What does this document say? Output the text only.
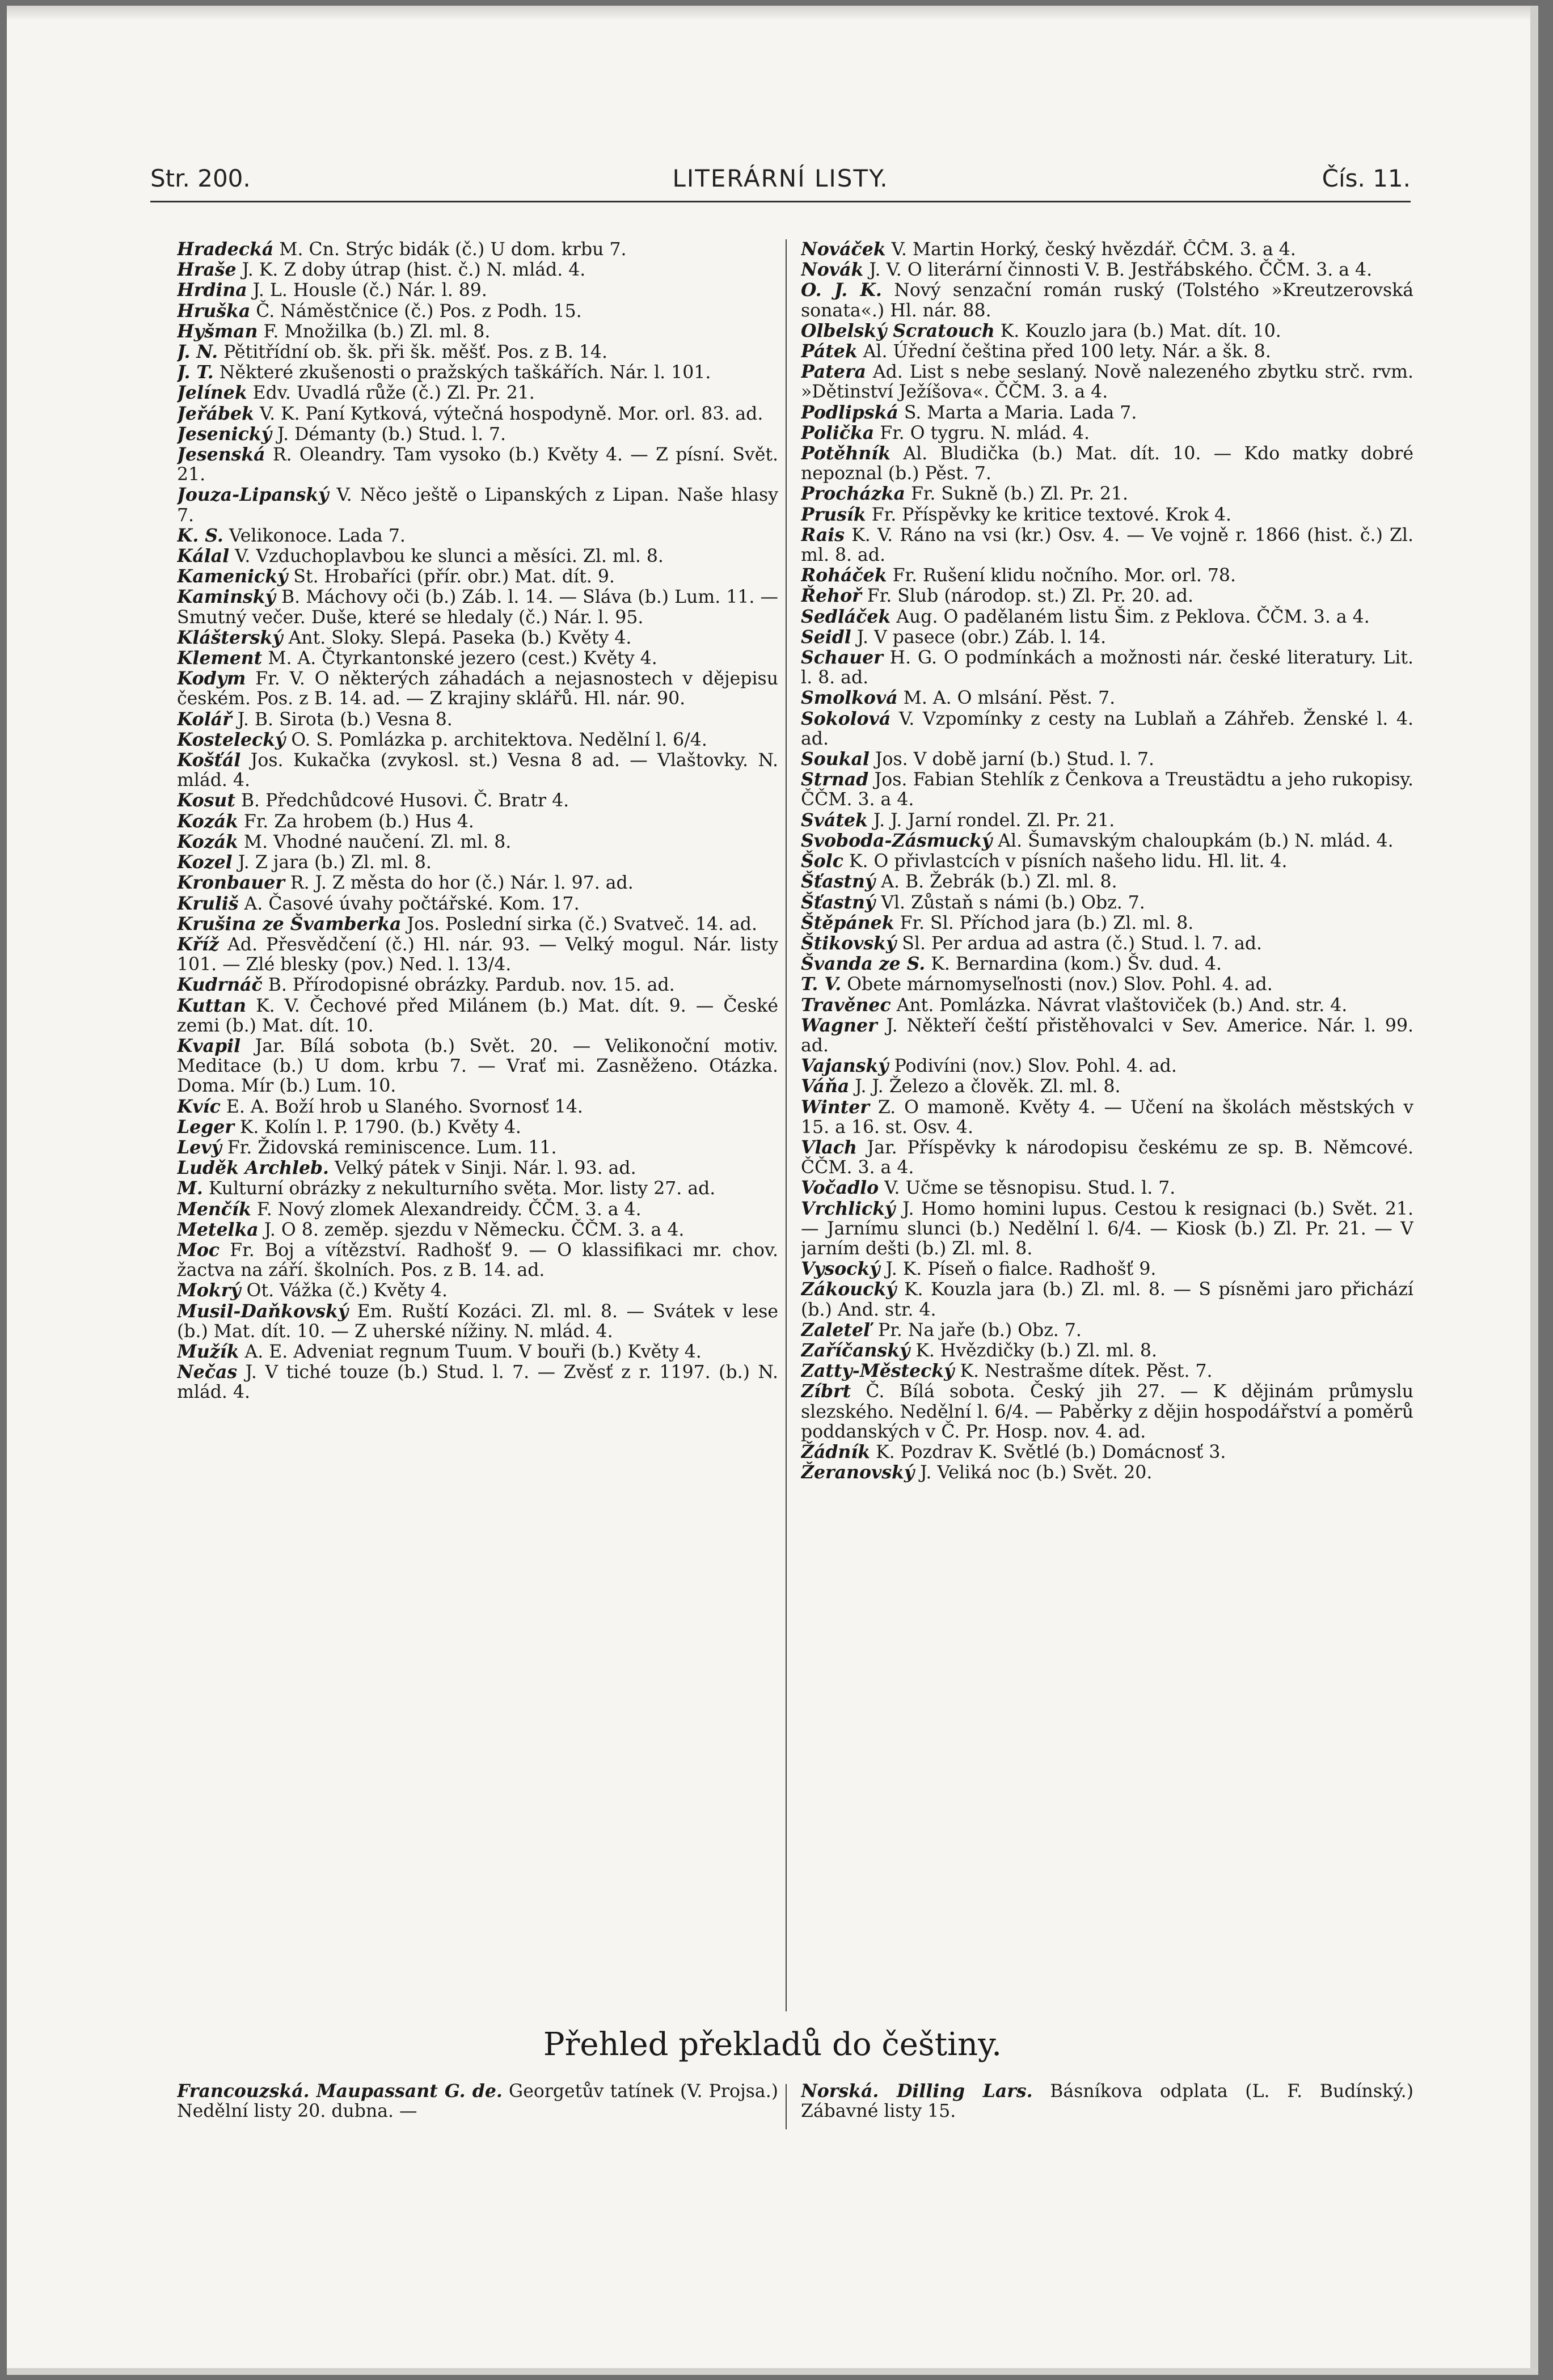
Str. 200.	LITERÁRNÍ LISTY.	Čís. 11.

Hradecká M. Cn. Strýc bidák (č.) U dom. krbu 7.

Hraše J. K. Z doby útrap (hist. č.) N. mlád. 4.

Hrdina J. L. Housle (č.) Nár. l. 89.

Hruška Č. Náměstčnice (č.) Pos. z Podh. 15.

Hyšman F. Množilka (b.) Zl. ml. 8.

J. N. Pětitřídní ob. šk. při šk. měšť. Pos. z B. 14.

J. T. Některé zkušenosti o pražských taškářích. Nár. l. 101.

Jelínek Edv. Uvadlá růže (č.) Zl. Pr. 21.

Jeřábek V. K. Paní Kytková, výtečná hospodyně. Mor. orl. 83. ad.

Jesenický J. Démanty (b.) Stud. l. 7.

Jesenská R. Oleandry. Tam vysoko (b.) Květy 4. — Z písní. Svět. 21.

Jouza-Lipanský V. Něco ještě o Lipanských z Lipan. Naše hlasy 7.

K. S. Velikonoce. Lada 7.

Kálal V. Vzduchoplavbou ke slunci a měsíci. Zl. ml. 8.

Kamenický St. Hrobaříci (přír. obr.) Mat. dít. 9.

Kaminský B. Máchovy oči (b.) Záb. l. 14. — Sláva (b.) Lum. 11. — Smutný večer. Duše, které se hledaly (č.) Nár. l. 95.

Klášterský Ant. Sloky. Slepá. Paseka (b.) Květy 4.

Klement M. A. Čtyrkantonské jezero (cest.) Květy 4.

Kodym Fr. V. O některých záhadách a nejasnostech v dějepisu českém. Pos. z B. 14. ad. — Z krajiny sklářů. Hl. nár. 90.

Kolář J. B. Sirota (b.) Vesna 8.

Kostelecký O. S. Pomlázka p. architektova. Nedělní l. 6/4.

Košťál Jos. Kukačka (zvykosl. st.) Vesna 8 ad. — Vlaštovky. N. mlád. 4.

Kosut B. Předchůdcové Husovi. Č. Bratr 4.

Kozák Fr. Za hrobem (b.) Hus 4.

Kozák M. Vhodné naučení. Zl. ml. 8.

Kozel J. Z jara (b.) Zl. ml. 8.

Kronbauer R. J. Z města do hor (č.) Nár. l. 97. ad.

Kruliš A. Časové úvahy počtářské. Kom. 17.

Krušina ze Švamberka Jos. Poslední sirka (č.) Svatveč. 14. ad.

Kříž Ad. Přesvědčení (č.) Hl. nár. 93. — Velký mogul. Nár. listy 101. — Zlé blesky (pov.) Ned. l. 13/4.

Kudrnáč B. Přírodopisné obrázky. Pardub. nov. 15. ad.

Kuttan K. V. Čechové před Milánem (b.) Mat. dít. 9. — České zemi (b.) Mat. dít. 10.

Kvapil Jar. Bílá sobota (b.) Svět. 20. — Velikonoční motiv. Meditace (b.) U dom. krbu 7. — Vrať mi. Zasněženo. Otázka. Doma. Mír (b.) Lum. 10.

Kvíc E. A. Boží hrob u Slaného. Svornosť 14.

Leger K. Kolín l. P. 1790. (b.) Květy 4.

Levý Fr. Židovská reminiscence. Lum. 11.

Luděk Archleb. Velký pátek v Sinji. Nár. l. 93. ad.

M. Kulturní obrázky z nekulturního světa. Mor. listy 27. ad.

Menčík F. Nový zlomek Alexandreidy. ČČM. 3. a 4.

Metelka J. O 8. zeměp. sjezdu v Německu. ČČM. 3. a 4.

Moc Fr. Boj a vítězství. Radhošť 9. — O klassifikaci mr. chov. žactva na září. školních. Pos. z B. 14. ad.

Mokrý Ot. Vážka (č.) Květy 4.

Musil-Daňkovský Em. Ruští Kozáci. Zl. ml. 8. — Svátek v lese (b.) Mat. dít. 10. — Z uherské nížiny. N. mlád. 4.

Mužík A. E. Adveniat regnum Tuum. V bouři (b.) Květy 4.

Nečas J. V tiché touze (b.) Stud. l. 7. — Zvěsť z r. 1197. (b.) N. mlád. 4.

Nováček V. Martin Horký, český hvězdář. ČČM. 3. a 4.

Novák J. V. O literární činnosti V. B. Jestřábského. ČČM. 3. a 4.

O. J. K. Nový senzační román ruský (Tolstého »Kreutzerovská sonata«.) Hl. nár. 88.

Olbelský Scratouch K. Kouzlo jara (b.) Mat. dít. 10.

Pátek Al. Úřední čeština před 100 lety. Nár. a šk. 8.

Patera Ad. List s nebe seslaný. Nově nalezeného zbytku strč. rvm. »Dětinství Ježíšova«. ČČM. 3. a 4.

Podlipská S. Marta a Maria. Lada 7.

Polička Fr. O tygru. N. mlád. 4.

Potěhník Al. Bludička (b.) Mat. dít. 10. — Kdo matky dobré nepoznal (b.) Pěst. 7.

Procházka Fr. Sukně (b.) Zl. Pr. 21.

Prusík Fr. Příspěvky ke kritice textové. Krok 4.

Rais K. V. Ráno na vsi (kr.) Osv. 4. — Ve vojně r. 1866 (hist. č.) Zl. ml. 8. ad.

Roháček Fr. Rušení klidu nočního. Mor. orl. 78.

Řehoř Fr. Slub (národop. st.) Zl. Pr. 20. ad.

Sedláček Aug. O padělaném listu Šim. z Peklova. ČČM. 3. a 4.

Seidl J. V pasece (obr.) Záb. l. 14.

Schauer H. G. O podmínkách a možnosti nár. české literatury. Lit. l. 8. ad.

Smolková M. A. O mlsání. Pěst. 7.

Sokolová V. Vzpomínky z cesty na Lublaň a Záhřeb. Ženské l. 4. ad.

Soukal Jos. V době jarní (b.) Stud. l. 7.

Strnad Jos. Fabian Stehlík z Čenkova a Treustädtu a jeho rukopisy. ČČM. 3. a 4.

Svátek J. J. Jarní rondel. Zl. Pr. 21.

Svoboda-Zásmucký Al. Šumavským chaloupkám (b.) N. mlád. 4.

Šolc K. O přivlastcích v písních našeho lidu. Hl. lit. 4.

Šťastný A. B. Žebrák (b.) Zl. ml. 8.

Šťastný Vl. Zůstaň s námi (b.) Obz. 7.

Štěpánek Fr. Sl. Příchod jara (b.) Zl. ml. 8.

Štikovský Sl. Per ardua ad astra (č.) Stud. l. 7. ad.

Švanda ze S. K. Bernardina (kom.) Šv. dud. 4.

T. V. Obete márnomyseľnosti (nov.) Slov. Pohl. 4. ad.

Travěnec Ant. Pomlázka. Návrat vlaštoviček (b.) And. str. 4.

Wagner J. Někteří čeští přistěhovalci v Sev. Americe. Nár. l. 99. ad.

Vajanský Podivíni (nov.) Slov. Pohl. 4. ad.

Váňa J. J. Železo a člověk. Zl. ml. 8.

Winter Z. O mamoně. Květy 4. — Učení na školách městských v 15. a 16. st. Osv. 4.

Vlach Jar. Příspěvky k národopisu českému ze sp. B. Němcové. ČČM. 3. a 4.

Vočadlo V. Učme se těsnopisu. Stud. l. 7.

Vrchlický J. Homo homini lupus. Cestou k resignaci (b.) Svět. 21. — Jarnímu slunci (b.) Nedělní l. 6/4. — Kiosk (b.) Zl. Pr. 21. — V jarním dešti (b.) Zl. ml. 8.

Vysocký J. K. Píseň o fialce. Radhošť 9.

Zákoucký K. Kouzla jara (b.) Zl. ml. 8. — S písněmi jaro přichází (b.) And. str. 4.

Zaleteľ Pr. Na jaře (b.) Obz. 7.

Zaříčanský K. Hvězdičky (b.) Zl. ml. 8.

Zatty-Městecký K. Nestrašme dítek. Pěst. 7.

Zíbrt Č. Bílá sobota. Český jih 27. — K dějinám průmyslu slezského. Nedělní l. 6/4. — Paběrky z dějin hospodářství a poměrů poddanských v Č. Pr. Hosp. nov. 4. ad.

Žádník K. Pozdrav K. Světlé (b.) Domácnosť 3.

Žeranovský J. Veliká noc (b.) Svět. 20.

Přehled překladů do češtiny.

Francouzská. Maupassant G. de. Georgetův tatínek (V. Projsa.) Nedělní listy 20. dubna. —

Norská. Dilling Lars. Básníkova odplata (L. F. Budínský.) Zábavné listy 15.
